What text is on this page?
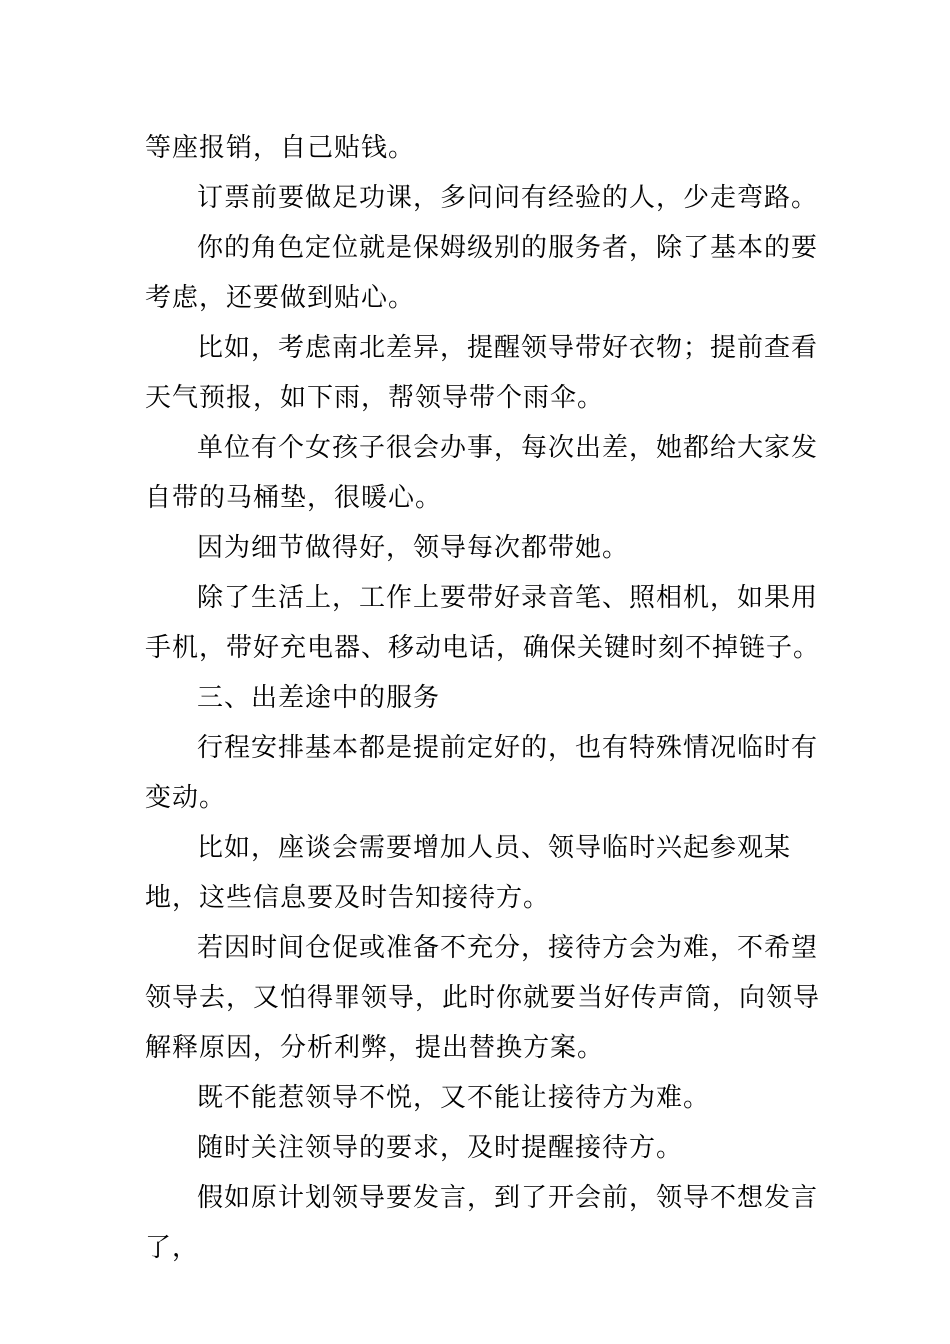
等座报销，自己贴钱。

订票前要做足功课，多问问有经验的人，少走弯路。

你的角色定位就是保姆级别的服务者，除了基本的要考虑，还要做到贴心。

比如，考虑南北差异，提醒领导带好衣物；提前查看天气预报，如下雨，帮领导带个雨伞。

单位有个女孩子很会办事，每次出差，她都给大家发自带的马桶垫，很暖心。

因为细节做得好，领导每次都带她。

除了生活上，工作上要带好录音笔、照相机，如果用手机，带好充电器、移动电话，确保关键时刻不掉链子。

三、出差途中的服务

行程安排基本都是提前定好的，也有特殊情况临时有变动。

比如，座谈会需要增加人员、领导临时兴起参观某地，这些信息要及时告知接待方。

若因时间仓促或准备不充分，接待方会为难，不希望领导去，又怕得罪领导，此时你就要当好传声筒，向领导解释原因，分析利弊，提出替换方案。

既不能惹领导不悦，又不能让接待方为难。

随时关注领导的要求，及时提醒接待方。

假如原计划领导要发言，到了开会前，领导不想发言了，
